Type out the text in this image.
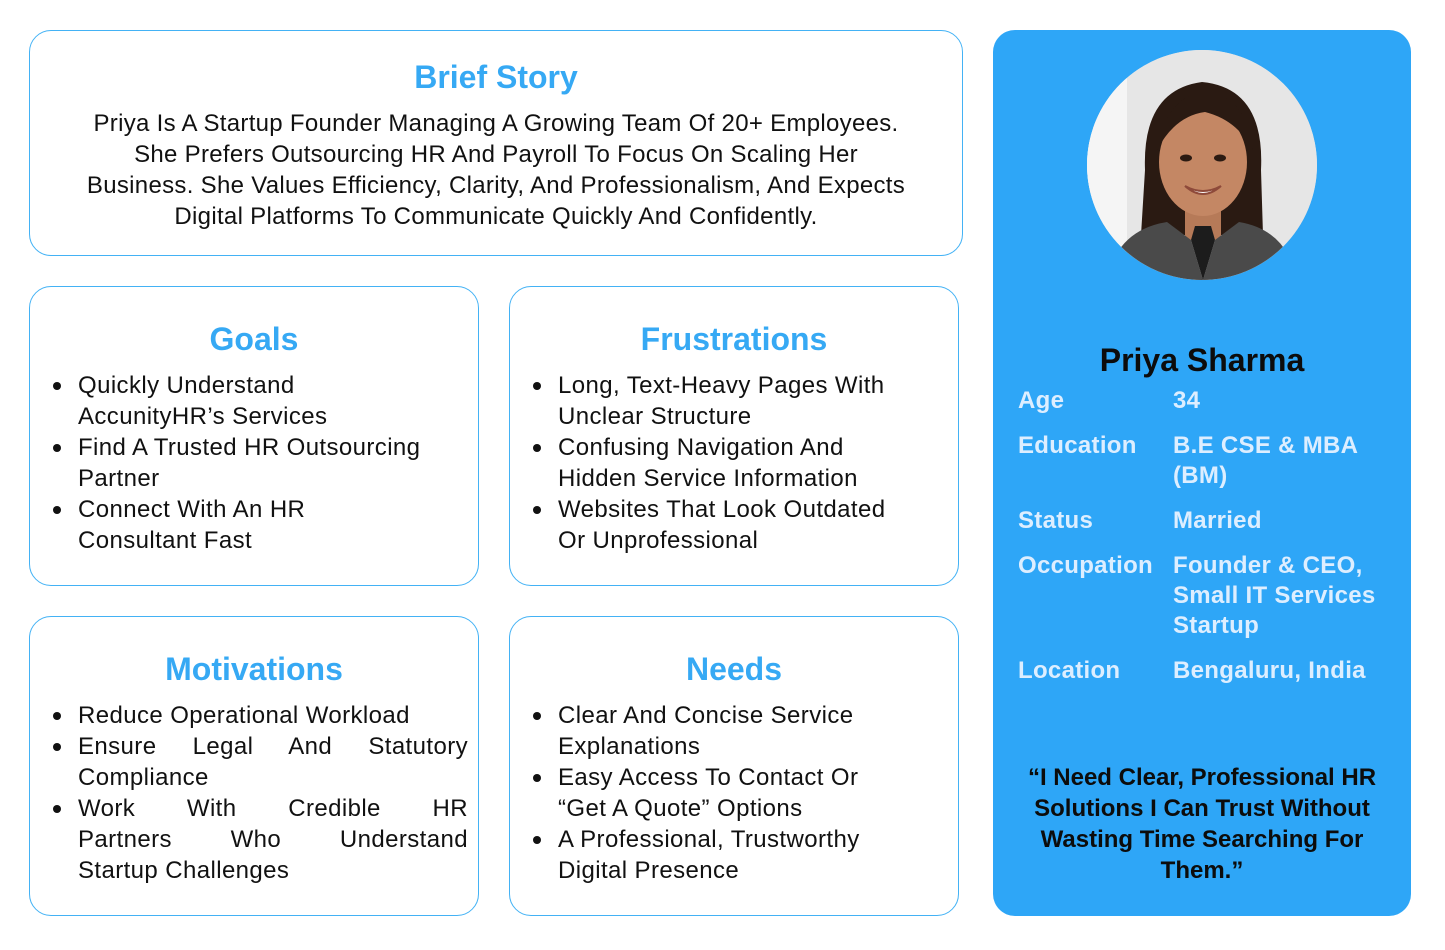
Brief Story

Priya Is A Startup Founder Managing A Growing Team Of 20+ Employees.

She Prefers Outsourcing HR And Payroll To Focus On Scaling Her

Business. She Values Efficiency, Clarity, And Professionalism, And Expects

Digital Platforms To Communicate Quickly And Confidently.

Goals
Quickly Understand
AccunityHR’s Services
Find A Trusted HR Outsourcing
Partner
Connect With An HR
Consultant Fast
Frustrations
Long, Text-Heavy Pages With
Unclear Structure
Confusing Navigation And
Hidden Service Information
Websites That Look Outdated
Or Unprofessional
Motivations
Reduce Operational Workload
Ensure Legal And Statutory
Compliance
Work With Credible HR
Partners Who Understand
Startup Challenges
Needs
Clear And Concise Service
Explanations
Easy Access To Contact Or
“Get A Quote” Options
A Professional, Trustworthy
Digital Presence
Priya Sharma
Age	34
Education B.E CSE & MBA
(BM)
Status	Married
Occupation Founder & CEO,
Small IT Services
Startup
Location Bengaluru, India
“I Need Clear, Professional HR
Solutions I Can Trust Without
Wasting Time Searching For
Them.”
